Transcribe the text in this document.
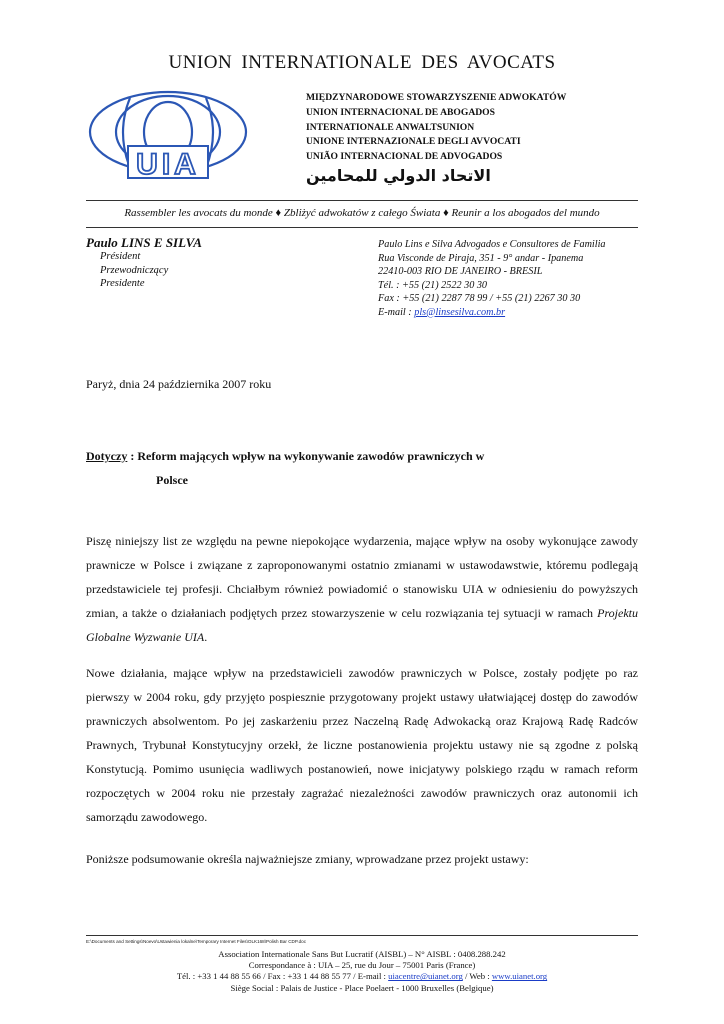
UNION INTERNATIONALE DES AVOCATS
UIA
MIĘDZYNARODOWE STOWARZYSZENIE ADWOKATÓW
UNION INTERNACIONAL DE ABOGADOS
INTERNATIONALE ANWALTSUNION
UNIONE INTERNAZIONALE DEGLI AVVOCATI
UNIÃO INTERNACIONAL DE ADVOGADOS
الاتحاد الدولي للمحامين
Rassembler les avocats du monde ♦ Zbliżyć adwokatów z całego Świata ♦ Reunir a los abogados del mundo
Paulo LINS E SILVA
Président
Przewodniczący
Presidente
Paulo Lins e Silva Advogados e Consultores de Familia
Rua Visconde de Piraja, 351 - 9° andar - Ipanema
22410-003 RIO DE JANEIRO - BRESIL
Tél. : +55 (21) 2522 30 30
Fax : +55 (21) 2287 78 99 / +55 (21) 2267 30 30
E-mail : pls@linsesilva.com.br
Paryż, dnia 24 października 2007 roku
Dotyczy : Reform mających wpływ na wykonywanie zawodów prawniczych w
Polsce
Piszę niniejszy list ze względu na pewne niepokojące wydarzenia, mające wpływ na osoby wykonujące zawody prawnicze w Polsce i związane z zaproponowanymi ostatnio zmianami w ustawodawstwie, któremu podlegają przedstawiciele tej profesji. Chciałbym również powiadomić o stanowisku UIA w odniesieniu do powyższych zmian, a także o działaniach podjętych przez stowarzyszenie w celu rozwiązania tej sytuacji w ramach Projektu Globalne Wyzwanie UIA.
Nowe działania, mające wpływ na przedstawicieli zawodów prawniczych w Polsce, zostały podjęte po raz pierwszy w 2004 roku, gdy przyjęto pospiesznie przygotowany projekt ustawy ułatwiającej dostęp do zawodów prawniczych absolwentom. Po jej zaskarżeniu przez Naczelną Radę Adwokacką oraz Krajową Radę Radców Prawnych, Trybunał Konstytucyjny orzekł, że liczne postanowienia projektu ustawy nie są zgodne z polską Konstytucją. Pomimo usunięcia wadliwych postanowień, nowe inicjatywy polskiego rządu w ramach reform rozpoczętych w 2004 roku nie przestały zagrażać niezależności zawodów prawniczych oraz autonomii ich samorządu zawodowego.
Poniższe podsumowanie określa najważniejsze zmiany, wprowadzane przez projekt ustawy:
E:\Documents and Settings\Noevo\Ustawienia lokalne\Temporary Internet Files\OLK168\Polish Bar CDP.doc
Association Internationale Sans But Lucratif (AISBL) – N° AISBL : 0408.288.242
Correspondance à : UIA – 25, rue du Jour – 75001 Paris (France)
Tél. : +33 1 44 88 55 66 / Fax : +33 1 44 88 55 77 / E-mail : uiacentre@uianet.org / Web : www.uianet.org
Siège Social : Palais de Justice - Place Poelaert - 1000 Bruxelles (Belgique)
